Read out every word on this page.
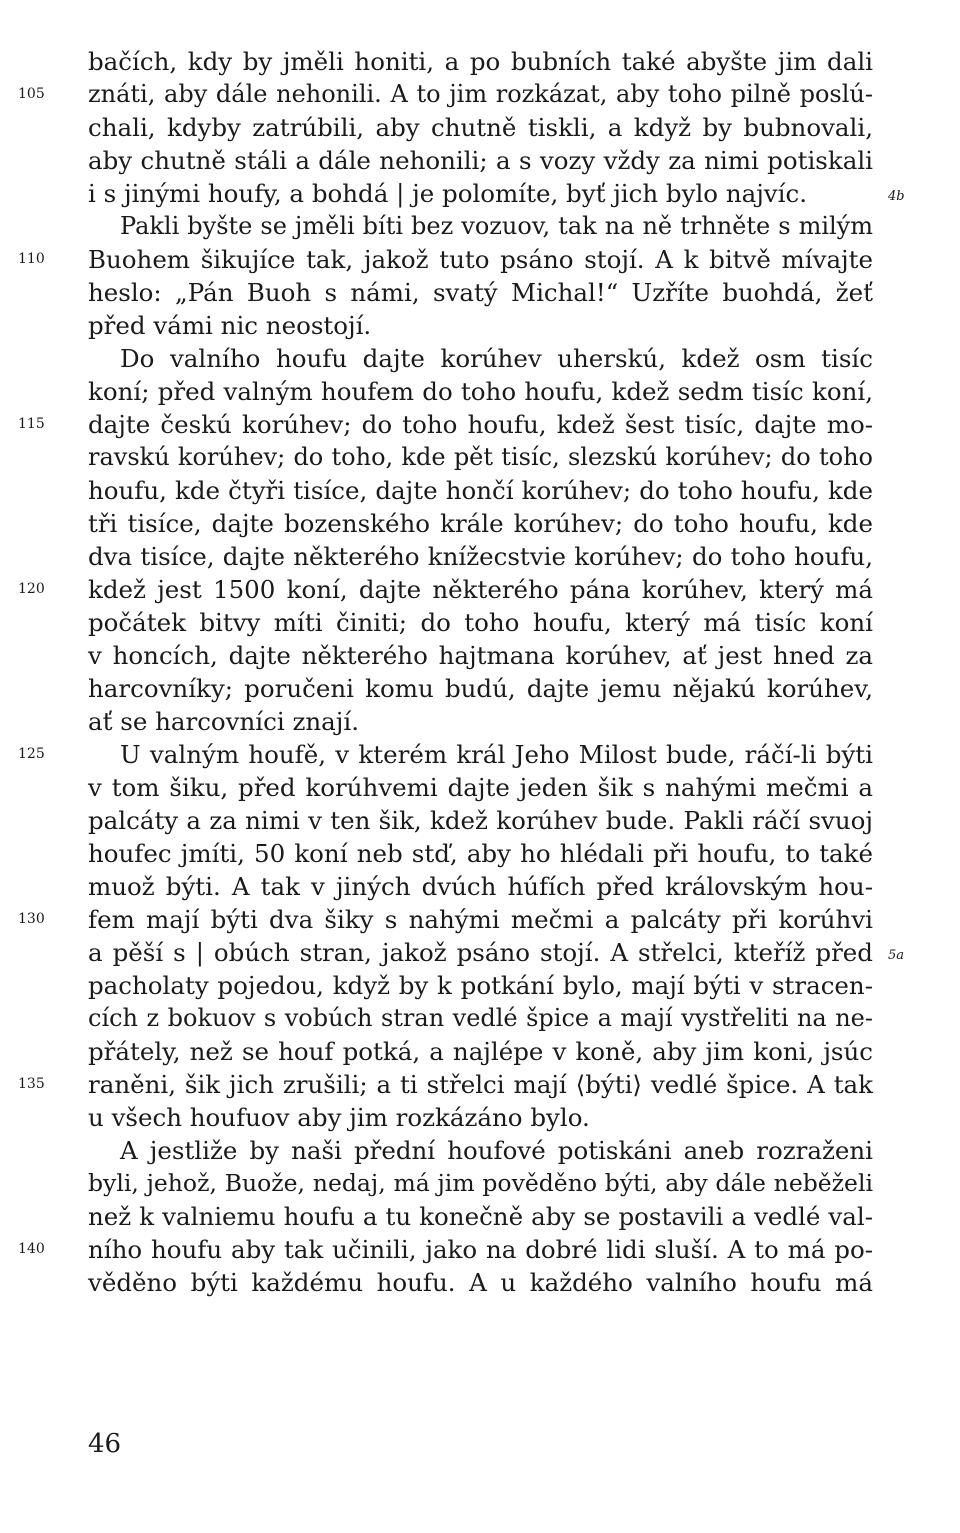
bačích, kdy by jměli honiti, a po bubních také abyšte jim dali
znáti, aby dále nehonili. A to jim rozkázat, aby toho pilně poslú-
chali, kdyby zatrúbili, aby chutně tiskli, a když by bubnovali,
aby chutně stáli a dále nehonili; a s vozy vždy za nimi potiskali
i s jinými houfy, a bohdá | je polomíte, byť jich bylo najvíc.
Pakli byšte se jměli bíti bez vozuov, tak na ně trhněte s milým
Buohem šikujíce tak, jakož tuto psáno stojí. A k bitvě mívajte
heslo: „Pán Buoh s námi, svatý Michal!“ Uzříte buohdá, žeť
před vámi nic neostojí.
Do valního houfu dajte korúhev uherskú, kdež osm tisíc
koní; před valným houfem do toho houfu, kdež sedm tisíc koní,
dajte českú korúhev; do toho houfu, kdež šest tisíc, dajte mo-
ravskú korúhev; do toho, kde pět tisíc, slezskú korúhev; do toho
houfu, kde čtyři tisíce, dajte hončí korúhev; do toho houfu, kde
tři tisíce, dajte bozenského krále korúhev; do toho houfu, kde
dva tisíce, dajte některého knížecstvie korúhev; do toho houfu,
kdež jest 1500 koní, dajte některého pána korúhev, který má
počátek bitvy míti činiti; do toho houfu, který má tisíc koní
v honcích, dajte některého hajtmana korúhev, ať jest hned za
harcovníky; poručeni komu budú, dajte jemu nějakú korúhev,
ať se harcovníci znají.
U valným houfě, v kterém král Jeho Milost bude, ráčí-li býti
v tom šiku, před korúhvemi dajte jeden šik s nahými mečmi a
palcáty a za nimi v ten šik, kdež korúhev bude. Pakli ráčí svuoj
houfec jmíti, 50 koní neb stď, aby ho hlédali při houfu, to také
muož býti. A tak v jiných dvúch húfích před královským hou-
fem mají býti dva šiky s nahými mečmi a palcáty při korúhvi
a pěší s | obúch stran, jakož psáno stojí. A střelci, kteříž před
pacholaty pojedou, když by k potkání bylo, mají býti v stracen-
cích z bokuov s vobúch stran vedlé špice a mají vystřeliti na ne-
přátely, než se houf potká, a najlépe v koně, aby jim koni, jsúc
raněni, šik jich zrušili; a ti střelci mají ⟨býti⟩ vedlé špice. A tak
u všech houfuov aby jim rozkázáno bylo.
A jestliže by naši přední houfové potiskáni aneb rozraženi
byli, jehož, Buože, nedaj, má jim pověděno býti, aby dále neběželi
než k valniemu houfu a tu konečně aby se postavili a vedlé val-
ního houfu aby tak učinili, jako na dobré lidi sluší. A to má po-
věděno býti každému houfu. A u každého valního houfu má
105
110
115
120
125
130
135
140
4b
5a
46
